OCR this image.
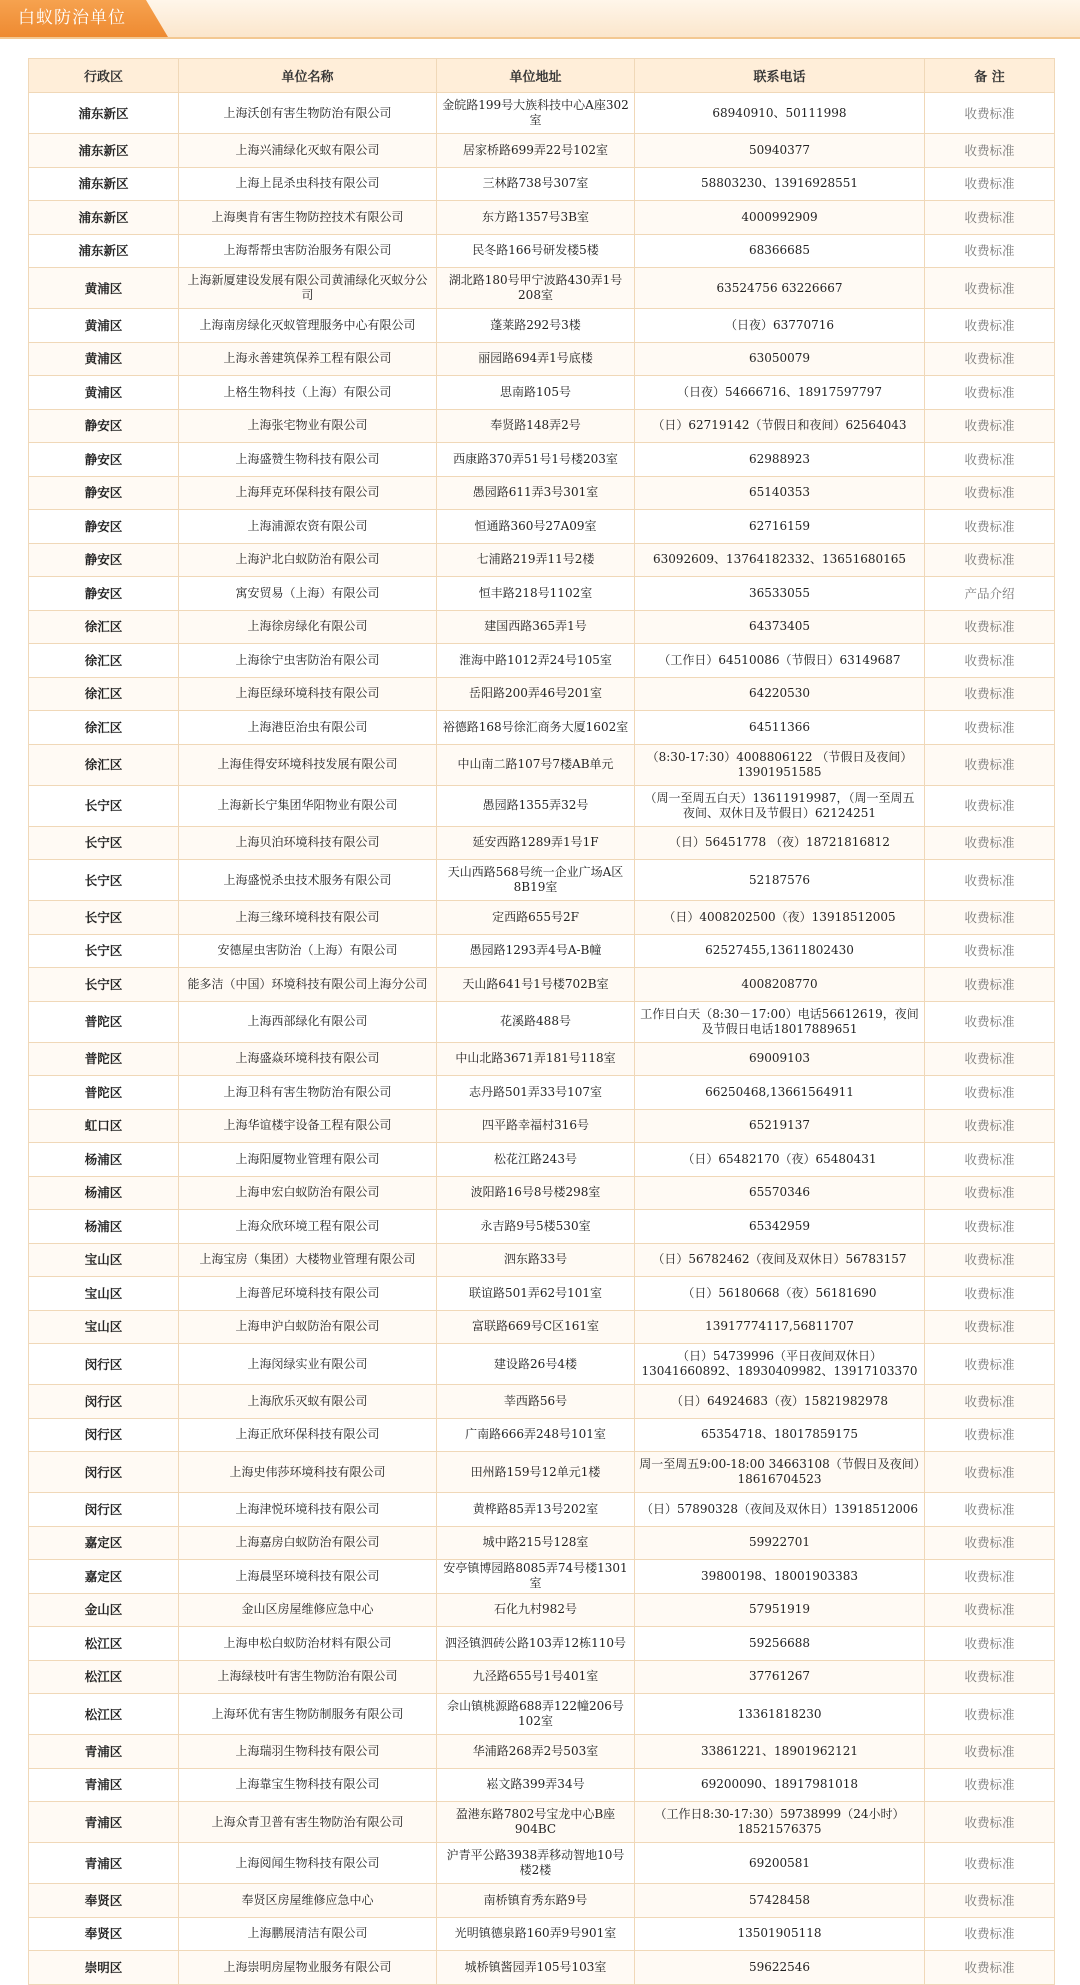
白蚁防治单位
行政区	单位名称	单位地址	联系电话	备 注
浦东新区	上海沃创有害生物防治有限公司	金皖路199号大族科技中心A座302室	68940910、50111998	收费标准
浦东新区	上海兴浦绿化灭蚁有限公司	居家桥路699弄22号102室	50940377	收费标准
浦东新区	上海上昆杀虫科技有限公司	三林路738号307室	58803230、13916928551	收费标准
浦东新区	上海奥肯有害生物防控技术有限公司	东方路1357号3B室	4000992909	收费标准
浦东新区	上海帮帮虫害防治服务有限公司	民冬路166号研发楼5楼	68366685	收费标准
黄浦区	上海新厦建设发展有限公司黄浦绿化灭蚁分公司	湖北路180号甲宁波路430弄1号208室	63524756 63226667	收费标准
黄浦区	上海南房绿化灭蚁管理服务中心有限公司	蓬莱路292号3楼	（日夜）63770716	收费标准
黄浦区	上海永善建筑保养工程有限公司	丽园路694弄1号底楼	63050079	收费标准
黄浦区	上格生物科技（上海）有限公司	思南路105号	（日夜）54666716、18917597797	收费标准
静安区	上海张宅物业有限公司	奉贤路148弄2号	（日）62719142（节假日和夜间）62564043	收费标准
静安区	上海盛赞生物科技有限公司	西康路370弄51号1号楼203室	62988923	收费标准
静安区	上海拜克环保科技有限公司	愚园路611弄3号301室	65140353	收费标准
静安区	上海浦源农资有限公司	恒通路360号27A09室	62716159	收费标准
静安区	上海沪北白蚁防治有限公司	七浦路219弄11号2楼	63092609、13764182332、13651680165	收费标准
静安区	寓安贸易（上海）有限公司	恒丰路218号1102室	36533055	产品介绍
徐汇区	上海徐房绿化有限公司	建国西路365弄1号	64373405	收费标准
徐汇区	上海徐宁虫害防治有限公司	淮海中路1012弄24号105室	（工作日）64510086（节假日）63149687	收费标准
徐汇区	上海臣绿环境科技有限公司	岳阳路200弄46号201室	64220530	收费标准
徐汇区	上海港臣治虫有限公司	裕德路168号徐汇商务大厦1602室	64511366	收费标准
徐汇区	上海佳得安环境科技发展有限公司	中山南二路107号7楼AB单元	（8:30-17:30）4008806122 （节假日及夜间）13901951585	收费标准
长宁区	上海新长宁集团华阳物业有限公司	愚园路1355弄32号	（周一至周五白天）13611919987，（周一至周五夜间、双休日及节假日）62124251	收费标准
长宁区	上海贝泊环境科技有限公司	延安西路1289弄1号1F	（日）56451778 （夜）18721816812	收费标准
长宁区	上海盛悦杀虫技术服务有限公司	天山西路568号统一企业广场A区8B19室	52187576	收费标准
长宁区	上海三缘环境科技有限公司	定西路655号2F	（日）4008202500（夜）13918512005	收费标准
长宁区	安德屋虫害防治（上海）有限公司	愚园路1293弄4号A-B幢	62527455,13611802430	收费标准
长宁区	能多洁（中国）环境科技有限公司上海分公司	天山路641号1号楼702B室	4008208770	收费标准
普陀区	上海西部绿化有限公司	花溪路488号	工作日白天（8:30－17:00）电话56612619，夜间及节假日电话18017889651	收费标准
普陀区	上海盛焱环境科技有限公司	中山北路3671弄181号118室	69009103	收费标准
普陀区	上海卫科有害生物防治有限公司	志丹路501弄33号107室	66250468,13661564911	收费标准
虹口区	上海华谊楼宇设备工程有限公司	四平路幸福村316号	65219137	收费标准
杨浦区	上海阳厦物业管理有限公司	松花江路243号	（日）65482170（夜）65480431	收费标准
杨浦区	上海申宏白蚁防治有限公司	波阳路16号8号楼298室	65570346	收费标准
杨浦区	上海众欣环境工程有限公司	永吉路9号5楼530室	65342959	收费标准
宝山区	上海宝房（集团）大楼物业管理有限公司	泗东路33号	（日）56782462（夜间及双休日）56783157	收费标准
宝山区	上海普尼环境科技有限公司	联谊路501弄62号101室	（日）56180668（夜）56181690	收费标准
宝山区	上海申沪白蚁防治有限公司	富联路669号C区161室	13917774117,56811707	收费标准
闵行区	上海闵绿实业有限公司	建设路26号4楼	（日）54739996（平日夜间双休日）13041660892、18930409982、13917103370	收费标准
闵行区	上海欣乐灭蚁有限公司	莘西路56号	（日）64924683（夜）15821982978	收费标准
闵行区	上海正欣环保科技有限公司	广南路666弄248号101室	65354718、18017859175	收费标准
闵行区	上海史伟莎环境科技有限公司	田州路159号12单元1楼	周一至周五9:00-18:00 34663108（节假日及夜间）18616704523	收费标准
闵行区	上海津悦环境科技有限公司	黄桦路85弄13号202室	（日）57890328（夜间及双休日）13918512006	收费标准
嘉定区	上海嘉房白蚁防治有限公司	城中路215号128室	59922701	收费标准
嘉定区	上海晨坚环境科技有限公司	安亭镇博园路8085弄74号楼1301室	39800198、18001903383	收费标准
金山区	金山区房屋维修应急中心	石化九村982号	57951919	收费标准
松江区	上海申松白蚁防治材料有限公司	泗泾镇泗砖公路103弄12栋110号	59256688	收费标准
松江区	上海绿枝叶有害生物防治有限公司	九泾路655号1号401室	37761267	收费标准
松江区	上海环优有害生物防制服务有限公司	佘山镇桃源路688弄122幢206号102室	13361818230	收费标准
青浦区	上海瑞羽生物科技有限公司	华浦路268弄2号503室	33861221、18901962121	收费标准
青浦区	上海靠宝生物科技有限公司	崧文路399弄34号	69200090、18917981018	收费标准
青浦区	上海众青卫普有害生物防治有限公司	盈港东路7802号宝龙中心B座904BC	（工作日8:30-17:30）59738999（24小时）18521576375	收费标准
青浦区	上海阅闻生物科技有限公司	沪青平公路3938弄移动智地10号楼2楼	69200581	收费标准
奉贤区	奉贤区房屋维修应急中心	南桥镇育秀东路9号	57428458	收费标准
奉贤区	上海鹏展清洁有限公司	光明镇德泉路160弄9号901室	13501905118	收费标准
崇明区	上海崇明房屋物业服务有限公司	城桥镇酱园弄105号103室	59622546	收费标准
